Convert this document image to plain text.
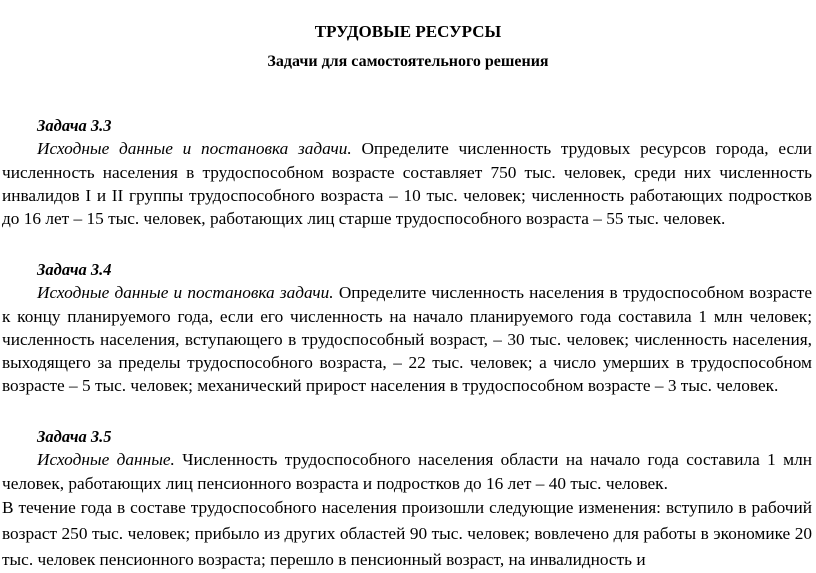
ТРУДОВЫЕ РЕСУРСЫ
Задачи для самостоятельного решения
Задача 3.3

Исходные данные и постановка задачи. Определите численность трудовых ресурсов города, если численность населения в трудоспособном возрасте составляет 750 тыс. человек, среди них численность инвалидов I и II группы трудоспособного возраста – 10 тыс. человек; численность работающих подростков до 16 лет – 15 тыс. человек, работающих лиц старше трудоспособного возраста – 55 тыс. человек.

Задача 3.4

Исходные данные и постановка задачи. Определите численность населения в трудоспособном возрасте к концу планируемого года, если его численность на начало планируемого года составила 1 млн человек; численность населения, вступающего в трудоспособный возраст, – 30 тыс. человек; численность населения, выходящего за пределы трудоспособного возраста, – 22 тыс. человек; а число умерших в трудоспособном возрасте – 5 тыс. человек; механический прирост населения в трудоспособном возрасте – 3 тыс. человек.

Задача 3.5

Исходные данные. Численность трудоспособного населения области на начало года составила 1 млн человек, работающих лиц пенсионного возраста и подростков до 16 лет – 40 тыс. человек.

В течение года в составе трудоспособного населения произошли следующие изменения: вступило в рабочий возраст 250 тыс. человек; прибыло из других областей 90 тыс. человек; вовлечено для работы в экономике 20 тыс. человек пенсионного возраста; перешло в пенсионный возраст, на инвалидность и
